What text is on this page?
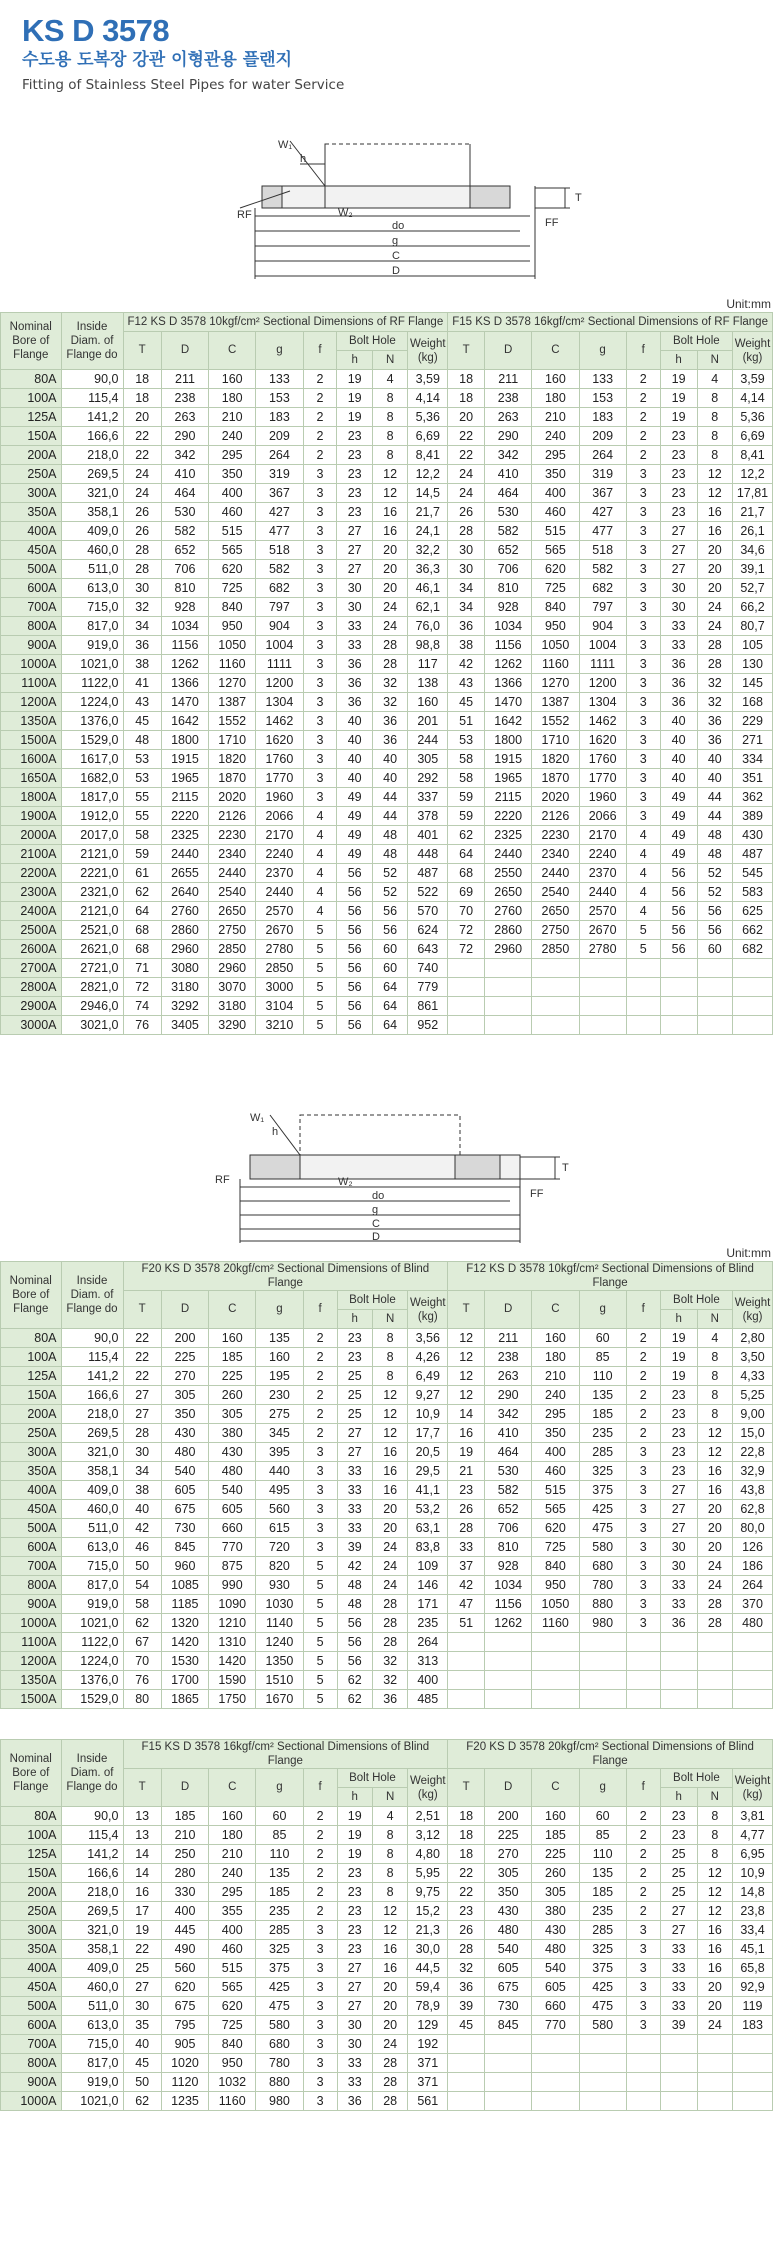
KS D 3578
수도용 도복장 강관 이형관용 플랜지
Fitting of Stainless Steel Pipes for water Service
W₁
h
W₂
RF
FF
T
do
g
C
D
Unit:mm
Nominal Bore of Flange	Inside Diam. of Flange do	F12 KS D 3578 10kgf/cm² Sectional Dimensions of RF Flange								F15 KS D 3578 16kgf/cm² Sectional Dimensions of RF Flange							
		T	D	C	g	f	Bolt Hole		Weight (kg)	T	D	C	g	f	Bolt Hole		Weight (kg)
							h	N							h	N	
80A	90,0	18	211	160	133	2	19	4	3,59	18	211	160	133	2	19	4	3,59
100A	115,4	18	238	180	153	2	19	8	4,14	18	238	180	153	2	19	8	4,14
125A	141,2	20	263	210	183	2	19	8	5,36	20	263	210	183	2	19	8	5,36
150A	166,6	22	290	240	209	2	23	8	6,69	22	290	240	209	2	23	8	6,69
200A	218,0	22	342	295	264	2	23	8	8,41	22	342	295	264	2	23	8	8,41
250A	269,5	24	410	350	319	3	23	12	12,2	24	410	350	319	3	23	12	12,2
300A	321,0	24	464	400	367	3	23	12	14,5	24	464	400	367	3	23	12	17,81
350A	358,1	26	530	460	427	3	23	16	21,7	26	530	460	427	3	23	16	21,7
400A	409,0	26	582	515	477	3	27	16	24,1	28	582	515	477	3	27	16	26,1
450A	460,0	28	652	565	518	3	27	20	32,2	30	652	565	518	3	27	20	34,6
500A	511,0	28	706	620	582	3	27	20	36,3	30	706	620	582	3	27	20	39,1
600A	613,0	30	810	725	682	3	30	20	46,1	34	810	725	682	3	30	20	52,7
700A	715,0	32	928	840	797	3	30	24	62,1	34	928	840	797	3	30	24	66,2
800A	817,0	34	1034	950	904	3	33	24	76,0	36	1034	950	904	3	33	24	80,7
900A	919,0	36	1156	1050	1004	3	33	28	98,8	38	1156	1050	1004	3	33	28	105
1000A	1021,0	38	1262	1160	1111	3	36	28	117	42	1262	1160	1111	3	36	28	130
1100A	1122,0	41	1366	1270	1200	3	36	32	138	43	1366	1270	1200	3	36	32	145
1200A	1224,0	43	1470	1387	1304	3	36	32	160	45	1470	1387	1304	3	36	32	168
1350A	1376,0	45	1642	1552	1462	3	40	36	201	51	1642	1552	1462	3	40	36	229
1500A	1529,0	48	1800	1710	1620	3	40	36	244	53	1800	1710	1620	3	40	36	271
1600A	1617,0	53	1915	1820	1760	3	40	40	305	58	1915	1820	1760	3	40	40	334
1650A	1682,0	53	1965	1870	1770	3	40	40	292	58	1965	1870	1770	3	40	40	351
1800A	1817,0	55	2115	2020	1960	3	49	44	337	59	2115	2020	1960	3	49	44	362
1900A	1912,0	55	2220	2126	2066	4	49	44	378	59	2220	2126	2066	3	49	44	389
2000A	2017,0	58	2325	2230	2170	4	49	48	401	62	2325	2230	2170	4	49	48	430
2100A	2121,0	59	2440	2340	2240	4	49	48	448	64	2440	2340	2240	4	49	48	487
2200A	2221,0	61	2655	2440	2370	4	56	52	487	68	2550	2440	2370	4	56	52	545
2300A	2321,0	62	2640	2540	2440	4	56	52	522	69	2650	2540	2440	4	56	52	583
2400A	2121,0	64	2760	2650	2570	4	56	56	570	70	2760	2650	2570	4	56	56	625
2500A	2521,0	68	2860	2750	2670	5	56	56	624	72	2860	2750	2670	5	56	56	662
2600A	2621,0	68	2960	2850	2780	5	56	60	643	72	2960	2850	2780	5	56	60	682
2700A	2721,0	71	3080	2960	2850	5	56	60	740								
2800A	2821,0	72	3180	3070	3000	5	56	64	779								
2900A	2946,0	74	3292	3180	3104	5	56	64	861								
3000A	3021,0	76	3405	3290	3210	5	56	64	952								
W₁
h
W₂
RF
FF
T
do
g
C
D
Unit:mm
Nominal Bore of Flange	Inside Diam. of Flange do	F20 KS D 3578 20kgf/cm² Sectional Dimensions of Blind Flange								F12 KS D 3578 10kgf/cm² Sectional Dimensions of Blind Flange							
		T	D	C	g	f	Bolt Hole		Weight (kg)	T	D	C	g	f	Bolt Hole		Weight (kg)
							h	N							h	N	
80A	90,0	22	200	160	135	2	23	8	3,56	12	211	160	60	2	19	4	2,80
100A	115,4	22	225	185	160	2	23	8	4,26	12	238	180	85	2	19	8	3,50
125A	141,2	22	270	225	195	2	25	8	6,49	12	263	210	110	2	19	8	4,33
150A	166,6	27	305	260	230	2	25	12	9,27	12	290	240	135	2	23	8	5,25
200A	218,0	27	350	305	275	2	25	12	10,9	14	342	295	185	2	23	8	9,00
250A	269,5	28	430	380	345	2	27	12	17,7	16	410	350	235	2	23	12	15,0
300A	321,0	30	480	430	395	3	27	16	20,5	19	464	400	285	3	23	12	22,8
350A	358,1	34	540	480	440	3	33	16	29,5	21	530	460	325	3	23	16	32,9
400A	409,0	38	605	540	495	3	33	16	41,1	23	582	515	375	3	27	16	43,8
450A	460,0	40	675	605	560	3	33	20	53,2	26	652	565	425	3	27	20	62,8
500A	511,0	42	730	660	615	3	33	20	63,1	28	706	620	475	3	27	20	80,0
600A	613,0	46	845	770	720	3	39	24	83,8	33	810	725	580	3	30	20	126
700A	715,0	50	960	875	820	5	42	24	109	37	928	840	680	3	30	24	186
800A	817,0	54	1085	990	930	5	48	24	146	42	1034	950	780	3	33	24	264
900A	919,0	58	1185	1090	1030	5	48	28	171	47	1156	1050	880	3	33	28	370
1000A	1021,0	62	1320	1210	1140	5	56	28	235	51	1262	1160	980	3	36	28	480
1100A	1122,0	67	1420	1310	1240	5	56	28	264								
1200A	1224,0	70	1530	1420	1350	5	56	32	313								
1350A	1376,0	76	1700	1590	1510	5	62	32	400								
1500A	1529,0	80	1865	1750	1670	5	62	36	485								
Nominal Bore of Flange	Inside Diam. of Flange do	F15 KS D 3578 16kgf/cm² Sectional Dimensions of Blind Flange								F20 KS D 3578 20kgf/cm² Sectional Dimensions of Blind Flange							
		T	D	C	g	f	Bolt Hole		Weight (kg)	T	D	C	g	f	Bolt Hole		Weight (kg)
							h	N							h	N	
80A	90,0	13	185	160	60	2	19	4	2,51	18	200	160	60	2	23	8	3,81
100A	115,4	13	210	180	85	2	19	8	3,12	18	225	185	85	2	23	8	4,77
125A	141,2	14	250	210	110	2	19	8	4,80	18	270	225	110	2	25	8	6,95
150A	166,6	14	280	240	135	2	23	8	5,95	22	305	260	135	2	25	12	10,9
200A	218,0	16	330	295	185	2	23	8	9,75	22	350	305	185	2	25	12	14,8
250A	269,5	17	400	355	235	2	23	12	15,2	23	430	380	235	2	27	12	23,8
300A	321,0	19	445	400	285	3	23	12	21,3	26	480	430	285	3	27	16	33,4
350A	358,1	22	490	460	325	3	23	16	30,0	28	540	480	325	3	33	16	45,1
400A	409,0	25	560	515	375	3	27	16	44,5	32	605	540	375	3	33	16	65,8
450A	460,0	27	620	565	425	3	27	20	59,4	36	675	605	425	3	33	20	92,9
500A	511,0	30	675	620	475	3	27	20	78,9	39	730	660	475	3	33	20	119
600A	613,0	35	795	725	580	3	30	20	129	45	845	770	580	3	39	24	183
700A	715,0	40	905	840	680	3	30	24	192								
800A	817,0	45	1020	950	780	3	33	28	371								
900A	919,0	50	1120	1032	880	3	33	28	371								
1000A	1021,0	62	1235	1160	980	3	36	28	561								
